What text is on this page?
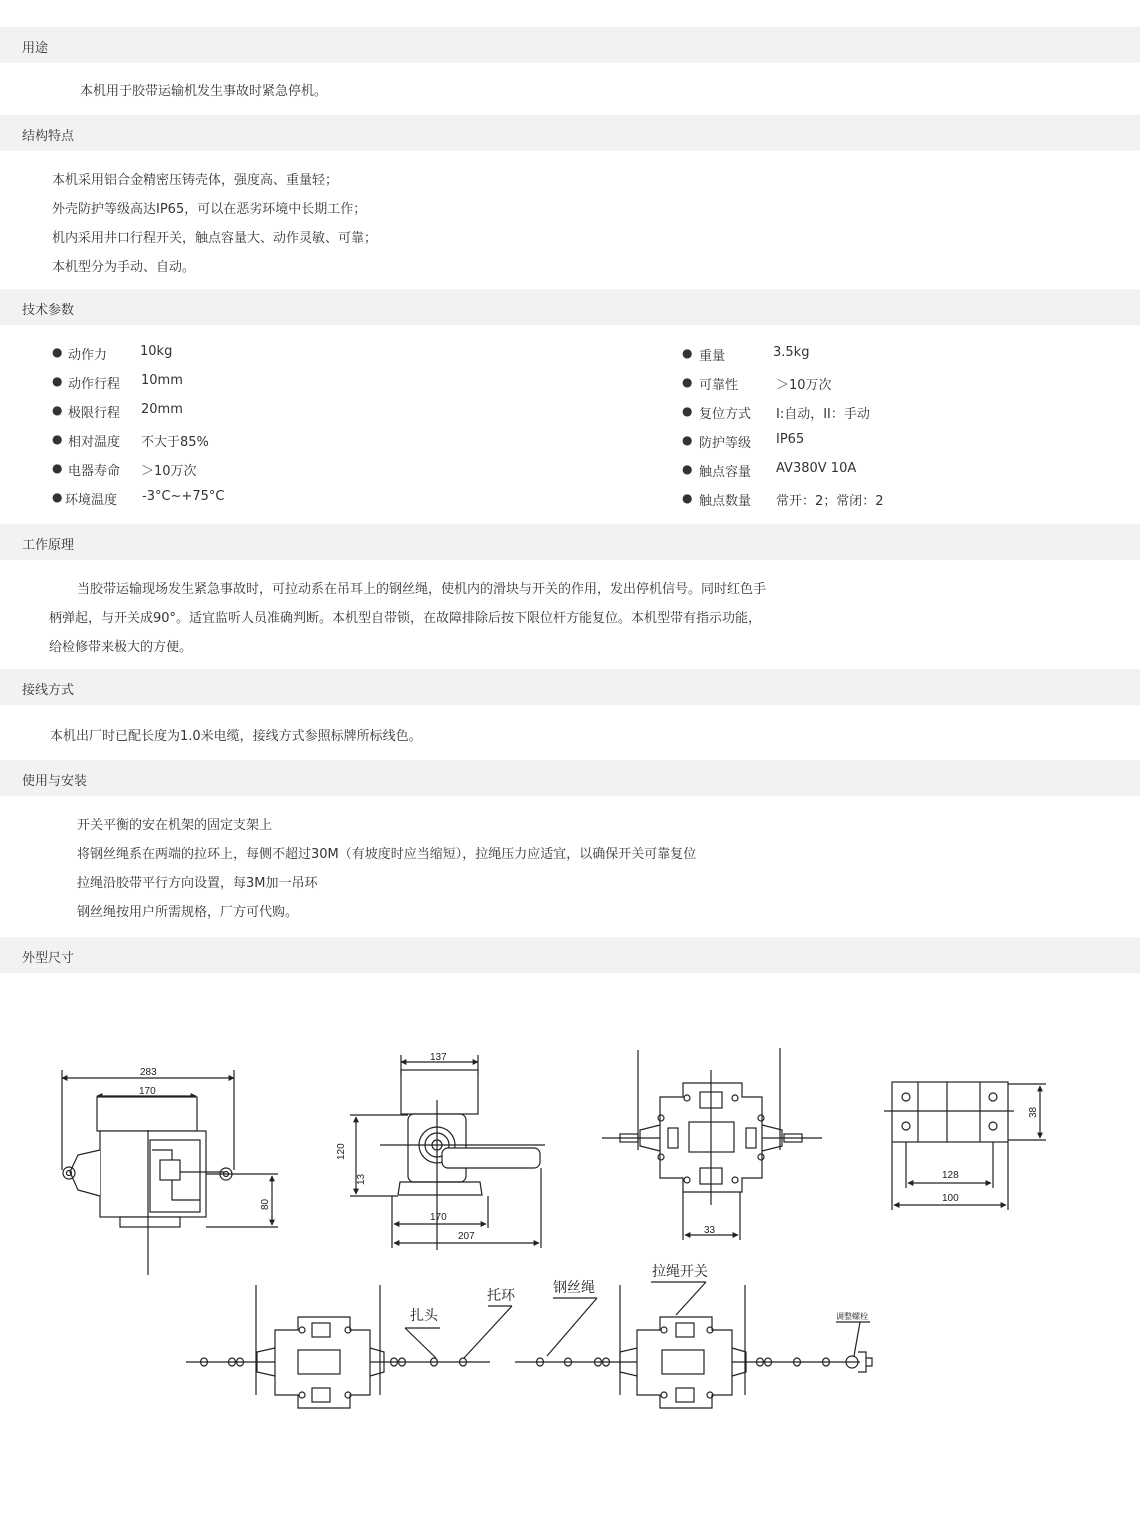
用途
本机用于胶带运输机发生事故时紧急停机。
结构特点
本机采用铝合金精密压铸壳体，强度高、重量轻；
外壳防护等级高达IP65，可以在恶劣环境中长期工作；
机内采用井口行程开关，触点容量大、动作灵敏、可靠；
本机型分为手动、自动。
技术参数
● 动作力	10kg
● 动作行程 10mm
● 极限行程 20mm
● 相对温度 不大于85%
● 电器寿命 ＞10万次
● 环境温度 -3°C~+75°C
● 重量	3.5kg
● 可靠性	＞10万次
● 复位方式 I:自动，II：手动
● 防护等级 IP65
● 触点容量 AV380V 10A
● 触点数量 常开：2；常闭：2
工作原理
当胶带运输现场发生紧急事故时，可拉动系在吊耳上的钢丝绳，使机内的滑块与开关的作用，发出停机信号。同时红色手
柄弹起，与开关成90°。适宜监听人员准确判断。本机型自带锁，在故障排除后按下限位杆方能复位。本机型带有指示功能，
给检修带来极大的方便。
接线方式
本机出厂时已配长度为1.0米电缆，接线方式参照标牌所标线色。
使用与安装
开关平衡的安在机架的固定支架上
将钢丝绳系在两端的拉环上，每侧不超过30M（有坡度时应当缩短），拉绳压力应适宜，以确保开关可靠复位
拉绳沿胶带平行方向设置，每3M加一吊环
钢丝绳按用户所需规格，厂方可代购。
外型尺寸
283
170
80
137
120
13
170
207
33
38
128
100
扎头
托环	钢丝绳
拉绳开关
调整螺栓
